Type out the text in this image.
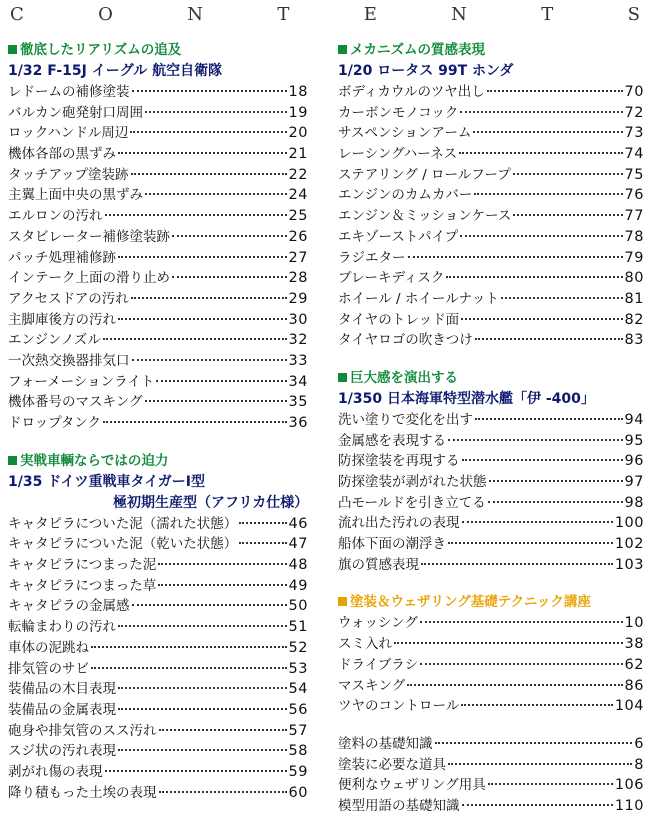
C	O	N	T	E	N	T	S
徹底したリアリズムの追及
1/32 F-15J イーグル 航空自衛隊
レドームの補修塗装	18
バルカン砲発射口周囲	19
ロックハンドル周辺	20
機体各部の黒ずみ	21
タッチアップ塗装跡	22
主翼上面中央の黒ずみ	24
エルロンの汚れ	25
スタビレーター補修塗装跡	26
パッチ処理補修跡	27
インテーク上面の滑り止め	28
アクセスドアの汚れ	29
主脚庫後方の汚れ	30
エンジンノズル	32
一次熱交換器排気口	33
フォーメーションライト	34
機体番号のマスキング	35
ドロップタンク	36
実戦車輌ならではの迫力
1/35 ドイツ重戦車タイガーⅠ型
極初期生産型（アフリカ仕様）
キャタピラについた泥（濡れた状態）	46
キャタピラについた泥（乾いた状態）	47
キャタピラにつまった泥	48
キャタピラにつまった草	49
キャタピラの金属感	50
転輪まわりの汚れ	51
車体の泥跳ね	52
排気管のサビ	53
装備品の木目表現	54
装備品の金属表現	56
砲身や排気管のスス汚れ	57
スジ状の汚れ表現	58
剥がれ傷の表現	59
降り積もった土埃の表現	60
メカニズムの質感表現
1/20 ロータス 99T ホンダ
ボディカウルのツヤ出し	70
カーボンモノコック	72
サスペンションアーム	73
レーシングハーネス	74
ステアリング / ロールフープ	75
エンジンのカムカバー	76
エンジン＆ミッションケース	77
エキゾーストパイプ	78
ラジエター	79
ブレーキディスク	80
ホイール / ホイールナット	81
タイヤのトレッド面	82
タイヤロゴの吹きつけ	83
巨大感を演出する
1/350 日本海軍特型潜水艦「伊 -400」
洗い塗りで変化を出す	94
金属感を表現する	95
防探塗装を再現する	96
防探塗装が剥がれた状態	97
凸モールドを引き立てる	98
流れ出た汚れの表現	100
船体下面の潮浮き	102
旗の質感表現	103
塗装＆ウェザリング基礎テクニック講座
ウォッシング	10
スミ入れ	38
ドライブラシ	62
マスキング	86
ツヤのコントロール	104
塗料の基礎知識	6
塗装に必要な道具	8
便利なウェザリング用具	106
模型用語の基礎知識	110
